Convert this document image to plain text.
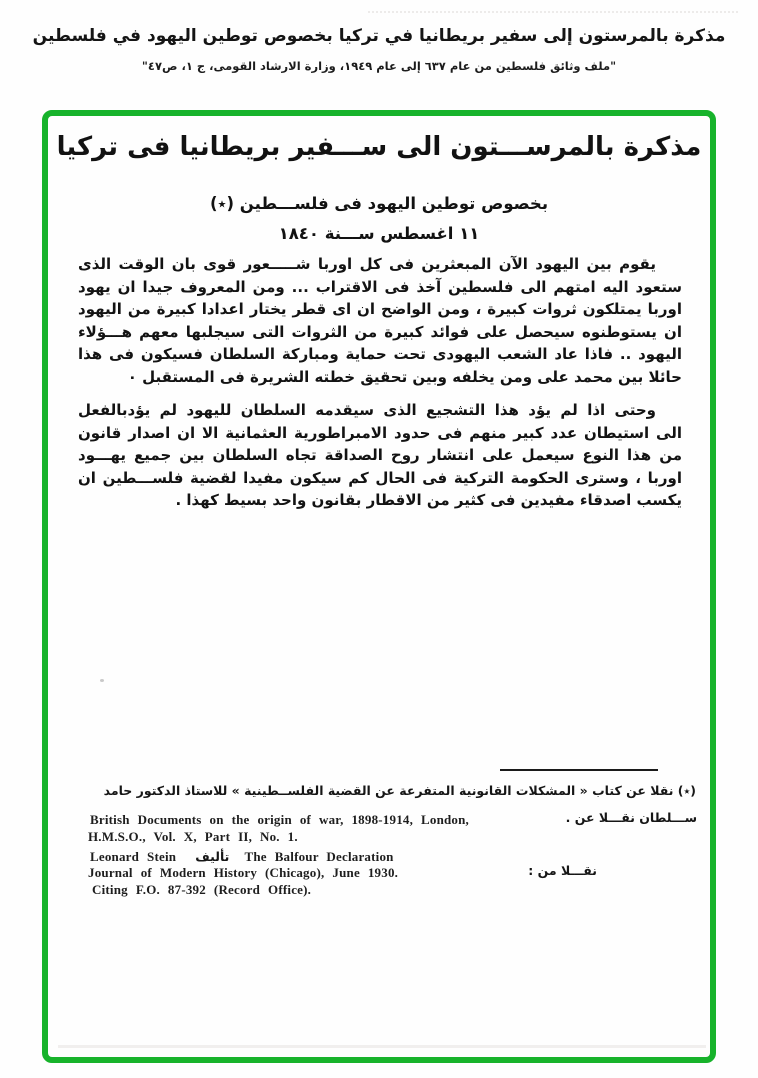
مذكرة بالمرستون إلى سفير بريطانيا في تركيا بخصوص توطين اليهود في فلسطين
"ملف وثائق فلسطين من عام ٦٣٧ إلى عام ١٩٤٩، وزارة الارشاد القومى، ج ١، ص٤٧"
مذكرة بالمرســـتون الى ســـفير بريطانيا فى تركيا
بخصوص توطين اليهود فى فلســـطين (٭)
١١ اغسطس ســـنة ١٨٤٠
يقوم بين اليهود الآن المبعثرين فى كل اوربا شـــــعور قوى بان الوقت الذى
ستعود اليه امتهم الى فلسطين آخذ فى الاقتراب ... ومن المعروف جيدا ان يهود
اوربا يمتلكون ثروات كبيرة ، ومن الواضح ان اى قطر يختار اعدادا كبيرة من اليهود
ان يستوطنوه سيحصل على فوائد كبيرة من الثروات التى سيجلبها معهم هـــؤلاء
اليهود .. فاذا عاد الشعب اليهودى تحت حماية ومباركة السلطان فسيكون فى هذا
حائلا بين محمد على ومن يخلفه وبين تحقيق خطته الشريرة فى المستقبل ٠
وحتى اذا لم يؤد هذا التشجيع الذى سيقدمه السلطان لليهود لم يؤدبالفعل
الى استيطان عدد كبير منهم فى حدود الامبراطورية العثمانية الا ان اصدار قانون
من هذا النوع سيعمل على انتشار روح الصداقة تجاه السلطان بين جميع يهـــود
اوربا ، وسترى الحكومة التركية فى الحال كم سيكون مفيدا لقضية فلســـطين ان
يكسب اصدقاء مفيدين فى كثير من الاقطار بقانون واحد بسيط كهذا .
(٭) نقلا عن كتاب « المشكلات القانونية المتفرعة عن القضية الفلســطينية » للاستاذ الدكتور حامد
British Documents on the origin of war, 1898-1914, London,	ســـلطان نقـــلا عن .
H.M.S.O., Vol. X, Part II, No. 1.
Leonard Stein تأليف The Balfour Declaration
Journal of Modern History (Chicago), June 1930.	نقـــلا من :
Citing F.O. 87-392 (Record Office).
